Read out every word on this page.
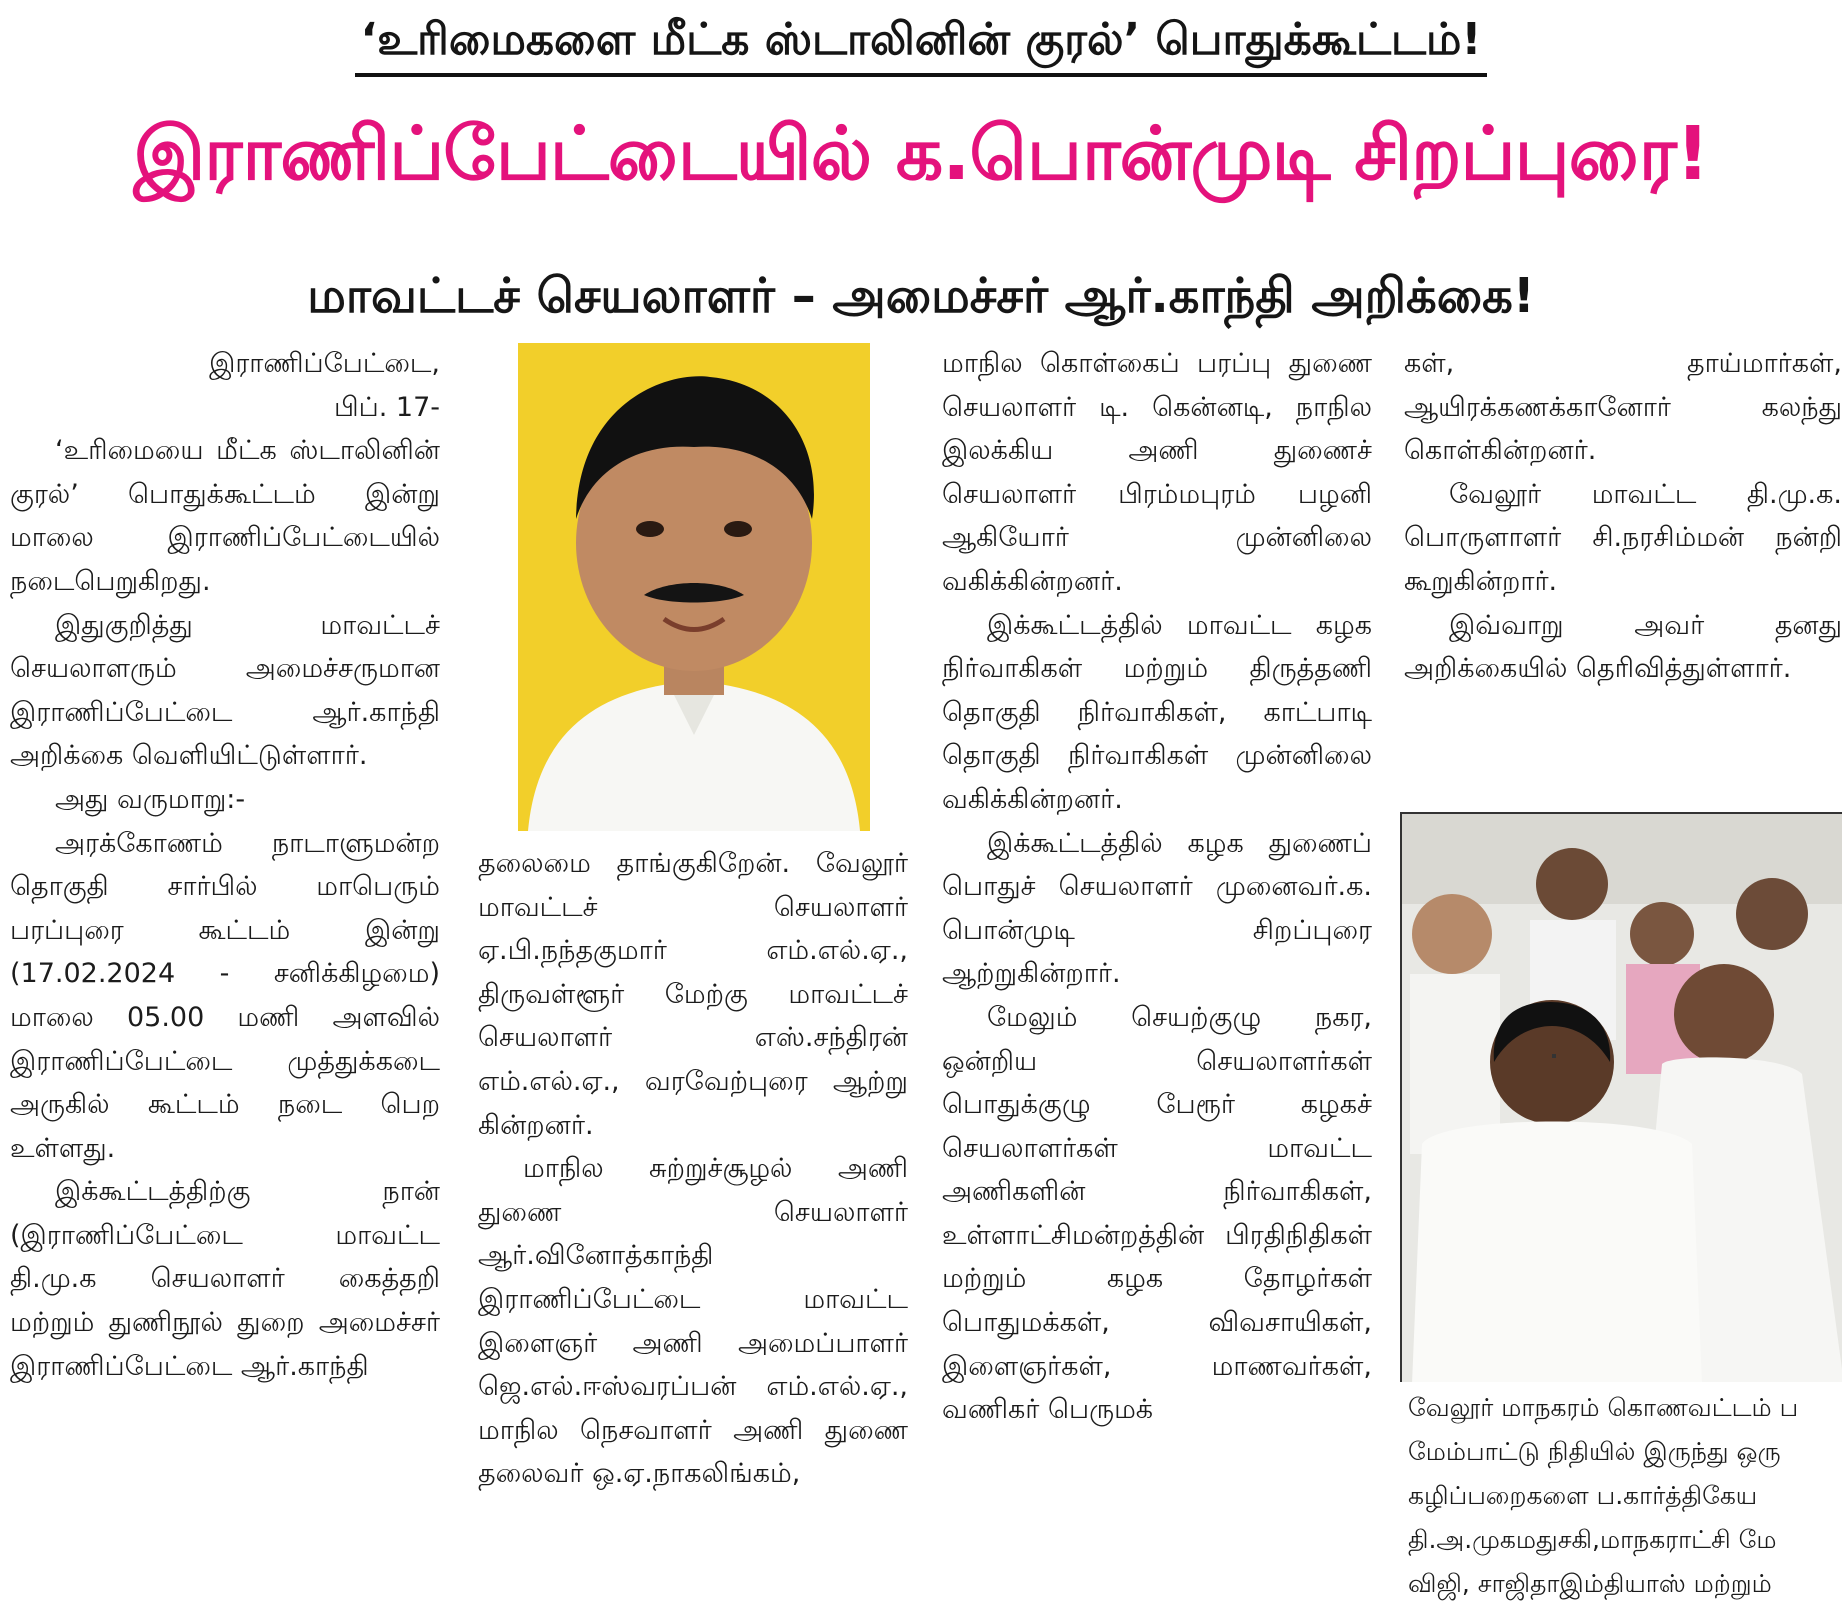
‘உரிமைகளை மீட்க ஸ்டாலினின் குரல்’ பொதுக்கூட்டம்!
இராணிப்பேட்டையில் க.பொன்முடி சிறப்புரை!
மாவட்டச் செயலாளர் – அமைச்சர் ஆர்.காந்தி அறிக்கை!
இராணிப்பேட்டை,
பிப். 17-

‘உரிமையை மீட்க ஸ்டாலினின் குரல்’ பொதுக்கூட்டம் இன்று மாலை இராணிப்பேட்டையில் நடைபெறுகிறது.

இதுகுறித்து மாவட்டச் செயலாளரும் அமைச்சருமான இராணிப்பேட்டை ஆர்.காந்தி அறிக்கை வெளியிட்டுள்ளார்.

அது வருமாறு:-

அரக்கோணம் நாடாளுமன்ற தொகுதி சார்பில் மாபெரும் பரப்புரை கூட்டம் இன்று (17.02.2024 - சனிக்கிழமை) மாலை 05.00 மணி அளவில் இராணிப்பேட்டை முத்துக்கடை அருகில் கூட்டம் நடை பெற உள்ளது.

இக்கூட்டத்திற்கு நான் (இராணிப்பேட்டை மாவட்ட தி.மு.க செயலாளர் கைத்தறி மற்றும் துணிநூல் துறை அமைச்சர் இராணிப்பேட்டை ஆர்.காந்தி

தலைமை தாங்குகிறேன். வேலூர் மாவட்டச் செயலாளர் ஏ.பி.நந்தகுமார் எம்.எல்.ஏ., திருவள்ளூர் மேற்கு மாவட்டச் செயலாளர் எஸ்.சந்திரன் எம்.எல்.ஏ., வரவேற்புரை ஆற்று கின்றனர்.

மாநில சுற்றுச்சூழல் அணி துணை செயலாளர் ஆர்.வினோத்காந்தி இராணிப்பேட்டை மாவட்ட இளைஞர் அணி அமைப்பாளர் ஜெ.எல்.ஈஸ்வரப்பன் எம்.எல்.ஏ., மாநில நெசவாளர் அணி துணை தலைவர் ஒ.ஏ.நாகலிங்கம்,

மாநில கொள்கைப் பரப்பு துணை செயலாளர் டி. கென்னடி, நாநில இலக்கிய அணி துணைச் செயலாளர் பிரம்மபுரம் பழனி ஆகியோர் முன்னிலை வகிக்கின்றனர்.

இக்கூட்டத்தில் மாவட்ட கழக நிர்வாகிகள் மற்றும் திருத்தணி தொகுதி நிர்வாகிகள், காட்பாடி தொகுதி நிர்வாகிகள் முன்னிலை வகிக்கின்றனர்.

இக்கூட்டத்தில் கழக துணைப் பொதுச் செயலாளர் முனைவர்.க. பொன்முடி சிறப்புரை ஆற்றுகின்றார்.

மேலும் செயற்குழு நகர, ஒன்றிய செயலாளர்கள் பொதுக்குழு பேரூர் கழகச் செயலாளர்கள் மாவட்ட அணிகளின் நிர்வாகிகள், உள்ளாட்சிமன்றத்தின் பிரதிநிதிகள் மற்றும் கழக தோழர்கள் பொதுமக்கள், விவசாயிகள், இளைஞர்கள், மாணவர்கள், வணிகர் பெருமக்

கள், தாய்மார்கள், ஆயிரக்கணக்கானோர் கலந்து கொள்கின்றனர்.

வேலூர் மாவட்ட தி.மு.க. பொருளாளர் சி.நரசிம்மன் நன்றி கூறுகின்றார்.

இவ்வாறு அவர் தனது அறிக்கையில் தெரிவித்துள்ளார்.

வேலூர் மாநகரம் கொணவட்டம் ப
மேம்பாட்டு நிதியில் இருந்து ஒரு
கழிப்பறைகளை ப.கார்த்திகேய
தி.அ.முகமதுசகி,மாநகராட்சி மே
விஜி, சாஜிதாஇம்தியாஸ் மற்றும்
